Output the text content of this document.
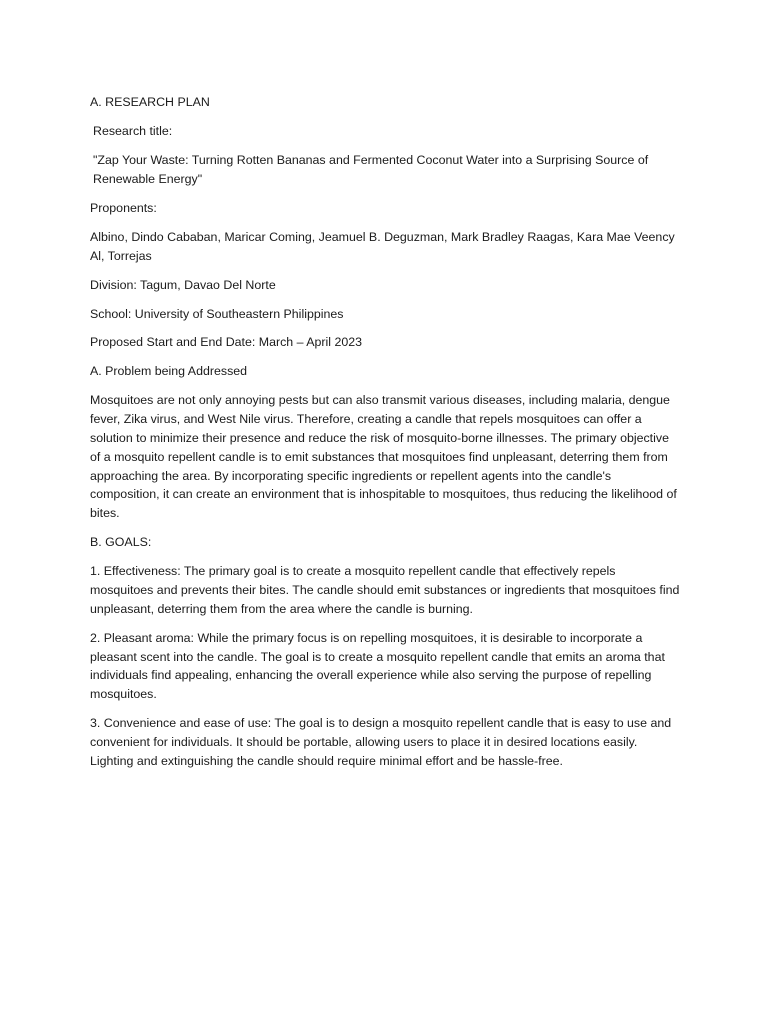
A. RESEARCH PLAN

Research title:

"Zap Your Waste: Turning Rotten Bananas and Fermented Coconut Water into a Surprising Source of Renewable Energy"

Proponents:

Albino, Dindo Cababan, Maricar Coming, Jeamuel B. Deguzman, Mark Bradley Raagas, Kara Mae Veency Al, Torrejas

Division: Tagum, Davao Del Norte

School: University of Southeastern Philippines

Proposed Start and End Date: March – April 2023

A. Problem being Addressed

Mosquitoes are not only annoying pests but can also transmit various diseases, including malaria, dengue fever, Zika virus, and West Nile virus. Therefore, creating a candle that repels mosquitoes can offer a solution to minimize their presence and reduce the risk of mosquito-borne illnesses. The primary objective of a mosquito repellent candle is to emit substances that mosquitoes find unpleasant, deterring them from approaching the area. By incorporating specific ingredients or repellent agents into the candle's composition, it can create an environment that is inhospitable to mosquitoes, thus reducing the likelihood of bites.

B. GOALS:

1. Effectiveness: The primary goal is to create a mosquito repellent candle that effectively repels mosquitoes and prevents their bites. The candle should emit substances or ingredients that mosquitoes find unpleasant, deterring them from the area where the candle is burning.

2. Pleasant aroma: While the primary focus is on repelling mosquitoes, it is desirable to incorporate a pleasant scent into the candle. The goal is to create a mosquito repellent candle that emits an aroma that individuals find appealing, enhancing the overall experience while also serving the purpose of repelling mosquitoes.

3. Convenience and ease of use: The goal is to design a mosquito repellent candle that is easy to use and convenient for individuals. It should be portable, allowing users to place it in desired locations easily. Lighting and extinguishing the candle should require minimal effort and be hassle-free.
